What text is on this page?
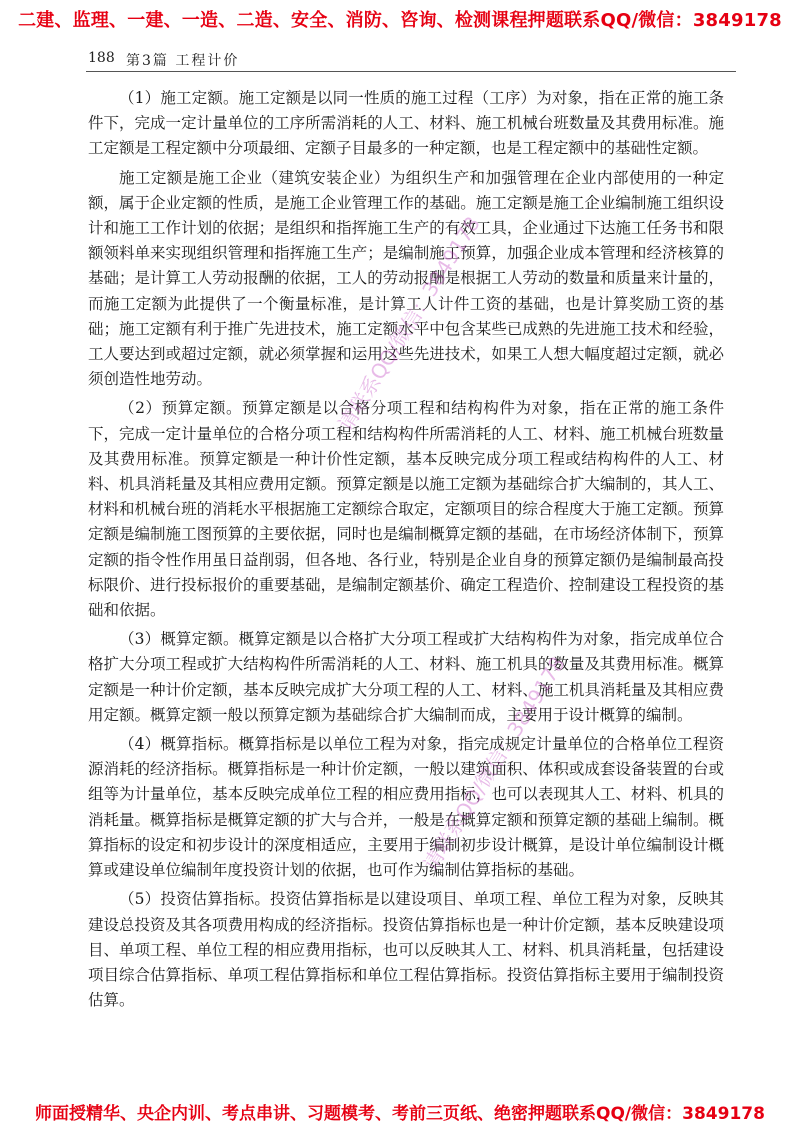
二建、监理、一建、一造、二造、安全、消防、咨询、检测课程押题联系QQ/微信：3849178
188 第3篇 工程计价

（1）施工定额。施工定额是以同一性质的施工过程（工序）为对象，指在正常的施工条件下，完成一定计量单位的工序所需消耗的人工、材料、施工机械台班数量及其费用标准。施工定额是工程定额中分项最细、定额子目最多的一种定额，也是工程定额中的基础性定额。

施工定额是施工企业（建筑安装企业）为组织生产和加强管理在企业内部使用的一种定额，属于企业定额的性质，是施工企业管理工作的基础。施工定额是施工企业编制施工组织设计和施工工作计划的依据；是组织和指挥施工生产的有效工具，企业通过下达施工任务书和限额领料单来实现组织管理和指挥施工生产；是编制施工预算，加强企业成本管理和经济核算的基础；是计算工人劳动报酬的依据，工人的劳动报酬是根据工人劳动的数量和质量来计量的，而施工定额为此提供了一个衡量标准，是计算工人计件工资的基础，也是计算奖励工资的基础；施工定额有利于推广先进技术，施工定额水平中包含某些已成熟的先进施工技术和经验，工人要达到或超过定额，就必须掌握和运用这些先进技术，如果工人想大幅度超过定额，就必须创造性地劳动。

（2）预算定额。预算定额是以合格分项工程和结构构件为对象，指在正常的施工条件下，完成一定计量单位的合格分项工程和结构构件所需消耗的人工、材料、施工机械台班数量及其费用标准。预算定额是一种计价性定额，基本反映完成分项工程或结构构件的人工、材料、机具消耗量及其相应费用定额。预算定额是以施工定额为基础综合扩大编制的，其人工、材料和机械台班的消耗水平根据施工定额综合取定，定额项目的综合程度大于施工定额。预算定额是编制施工图预算的主要依据，同时也是编制概算定额的基础，在市场经济体制下，预算定额的指令性作用虽日益削弱，但各地、各行业，特别是企业自身的预算定额仍是编制最高投标限价、进行投标报价的重要基础，是编制定额基价、确定工程造价、控制建设工程投资的基础和依据。

（3）概算定额。概算定额是以合格扩大分项工程或扩大结构构件为对象，指完成单位合格扩大分项工程或扩大结构构件所需消耗的人工、材料、施工机具的数量及其费用标准。概算定额是一种计价定额，基本反映完成扩大分项工程的人工、材料、施工机具消耗量及其相应费用定额。概算定额一般以预算定额为基础综合扩大编制而成，主要用于设计概算的编制。

（4）概算指标。概算指标是以单位工程为对象，指完成规定计量单位的合格单位工程资源消耗的经济指标。概算指标是一种计价定额，一般以建筑面积、体积或成套设备装置的台或组等为计量单位，基本反映完成单位工程的相应费用指标，也可以表现其人工、材料、机具的消耗量。概算指标是概算定额的扩大与合并，一般是在概算定额和预算定额的基础上编制。概算指标的设定和初步设计的深度相适应，主要用于编制初步设计概算，是设计单位编制设计概算或建设单位编制年度投资计划的依据，也可作为编制估算指标的基础。

（5）投资估算指标。投资估算指标是以建设项目、单项工程、单位工程为对象，反映其建设总投资及其各项费用构成的经济指标。投资估算指标也是一种计价定额，基本反映建设项目、单项工程、单位工程的相应费用指标，也可以反映其人工、材料、机具消耗量，包括建设项目综合估算指标、单项工程估算指标和单位工程估算指标。投资估算指标主要用于编制投资估算。

请联系QQ/微信：3849178
请联系QQ/微信：3849178
师面授精华、央企内训、考点串讲、习题模考、考前三页纸、绝密押题联系QQ/微信：3849178
